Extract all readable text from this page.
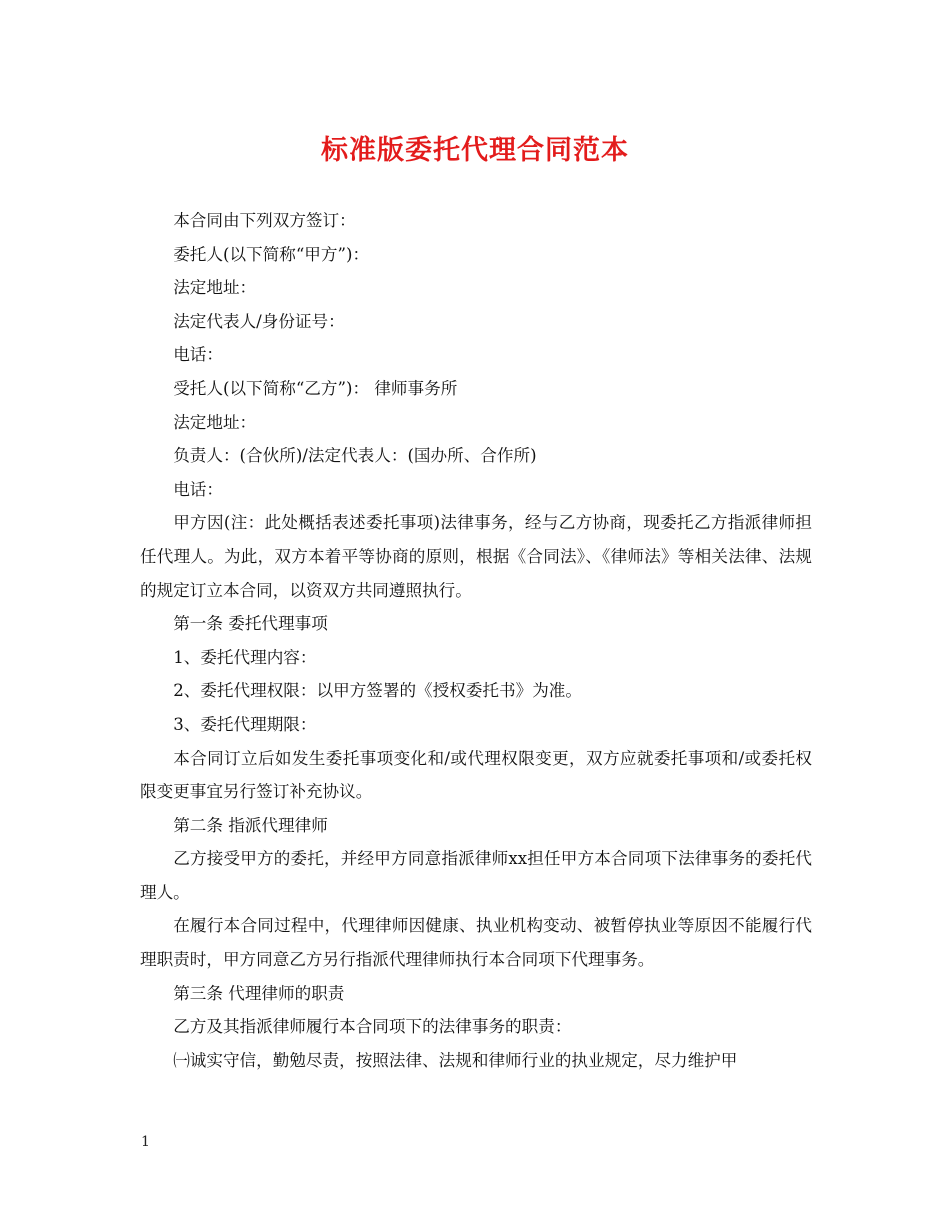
标准版委托代理合同范本

本合同由下列双方签订：

委托人(以下简称“甲方”)：

法定地址：

法定代表人/身份证号：

电话：

受托人(以下简称“乙方”)： 律师事务所

法定地址：

负责人：(合伙所)/法定代表人：(国办所、合作所)

电话：

甲方因(注：此处概括表述委托事项)法律事务，经与乙方协商，现委托乙方指派律师担任代理人。为此，双方本着平等协商的原则，根据《合同法》、《律师法》等相关法律、法规的规定订立本合同，以资双方共同遵照执行。

第一条 委托代理事项

1、委托代理内容：

2、委托代理权限：以甲方签署的《授权委托书》为准。

3、委托代理期限：

本合同订立后如发生委托事项变化和/或代理权限变更，双方应就委托事项和/或委托权限变更事宜另行签订补充协议。

第二条 指派代理律师

乙方接受甲方的委托，并经甲方同意指派律师xx担任甲方本合同项下法律事务的委托代理人。

在履行本合同过程中，代理律师因健康、执业机构变动、被暂停执业等原因不能履行代理职责时，甲方同意乙方另行指派代理律师执行本合同项下代理事务。

第三条 代理律师的职责

乙方及其指派律师履行本合同项下的法律事务的职责：

㈠诚实守信，勤勉尽责，按照法律、法规和律师行业的执业规定，尽力维护甲

1
